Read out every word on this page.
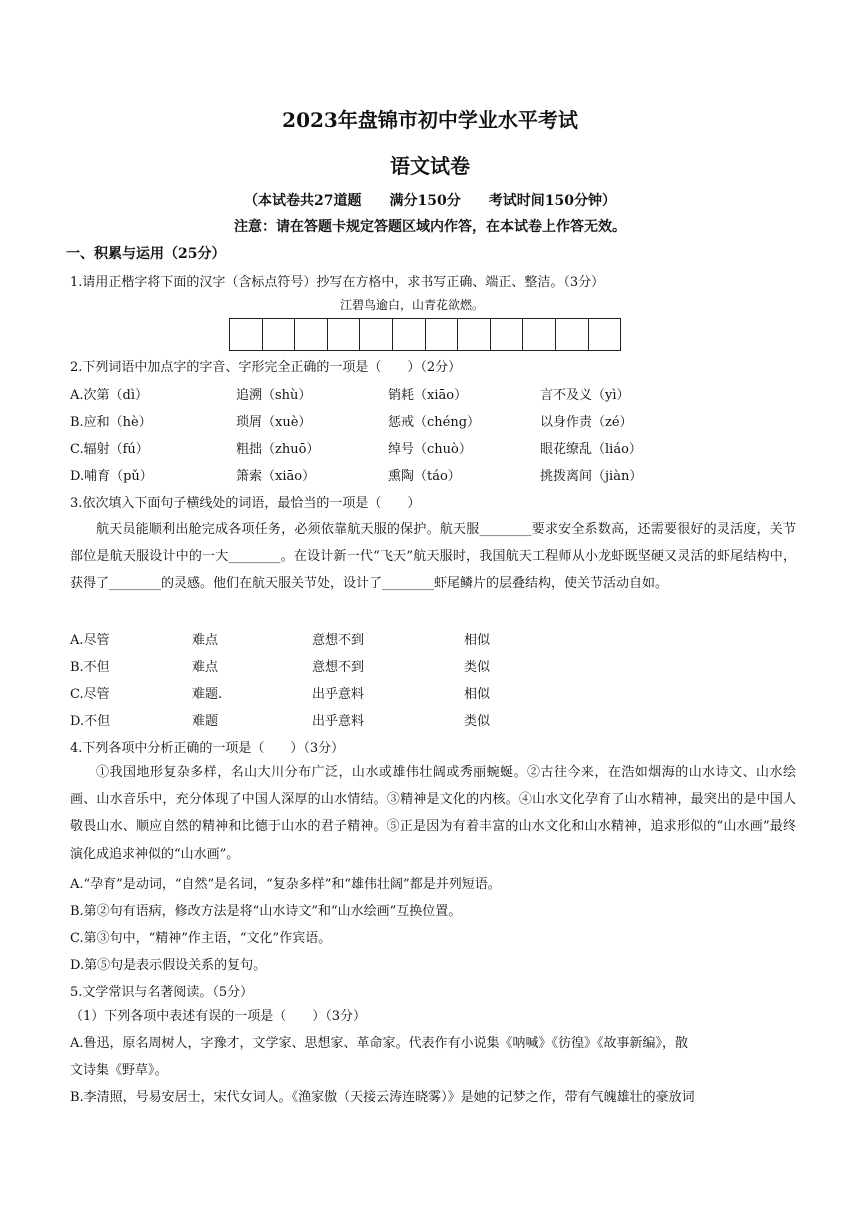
2023年盘锦市初中学业水平考试
语文试卷
（本试卷共27道题　　满分150分　　考试时间150分钟）
注意：请在答题卡规定答题区域内作答，在本试卷上作答无效。
一、积累与运用（25分）
1.请用正楷字将下面的汉字（含标点符号）抄写在方格中，求书写正确、端正、整洁。（3分）
江碧鸟逾白，山青花欲燃。
2.下列词语中加点字的字音、字形完全正确的一项是（　　）（2分）
A.次第（dì）	追溯（shù）	销耗（xiāo）	言不及义（yì）
B.应和（hè）	琐屑（xuè）	惩戒（chéng）	以身作责（zé）
C.辐射（fú）	粗拙（zhuō）	绰号（chuò）	眼花缭乱（liáo）
D.哺育（pǔ）	箫索（xiāo）	熏陶（táo）	挑拨离间（jiàn）
3.依次填入下面句子横线处的词语，最恰当的一项是（　　）
航天员能顺利出舱完成各项任务，必须依靠航天服的保护。航天服________要求安全系数高，还需要很好的灵活度，关节部位是航天服设计中的一大________。在设计新一代“飞天”航天服时，我国航天工程师从小龙虾既坚硬又灵活的虾尾结构中，获得了________的灵感。他们在航天服关节处，设计了________虾尾鳞片的层叠结构，使关节活动自如。
A.尽管	难点	意想不到	相似
B.不但	难点	意想不到	类似
C.尽管	难题.	出乎意料	相似
D.不但	难题	出乎意料	类似
4.下列各项中分析正确的一项是（　　）（3分）
①我国地形复杂多样，名山大川分布广泛，山水或雄伟壮阔或秀丽蜿蜒。②古往今来，在浩如烟海的山水诗文、山水绘画、山水音乐中，充分体现了中国人深厚的山水情结。③精神是文化的内核。④山水文化孕育了山水精神，最突出的是中国人敬畏山水、顺应自然的精神和比德于山水的君子精神。⑤正是因为有着丰富的山水文化和山水精神，追求形似的“山水画”最终演化成追求神似的“山水画”。
A.“孕育”是动词，“自然”是名词，“复杂多样”和“雄伟壮阔”都是并列短语。
B.第②句有语病，修改方法是将“山水诗文”和“山水绘画”互换位置。
C.第③句中，“精神”作主语，“文化”作宾语。
D.第⑤句是表示假设关系的复句。
5.文学常识与名著阅读。（5分）
（1）下列各项中表述有误的一项是（　　）（3分）
A.鲁迅，原名周树人，字豫才，文学家、思想家、革命家。代表作有小说集《呐喊》《彷徨》《故事新编》，散
文诗集《野草》。
B.李清照，号易安居士，宋代女词人。《渔家傲（天接云涛连晓雾）》是她的记梦之作，带有气魄雄壮的豪放词
